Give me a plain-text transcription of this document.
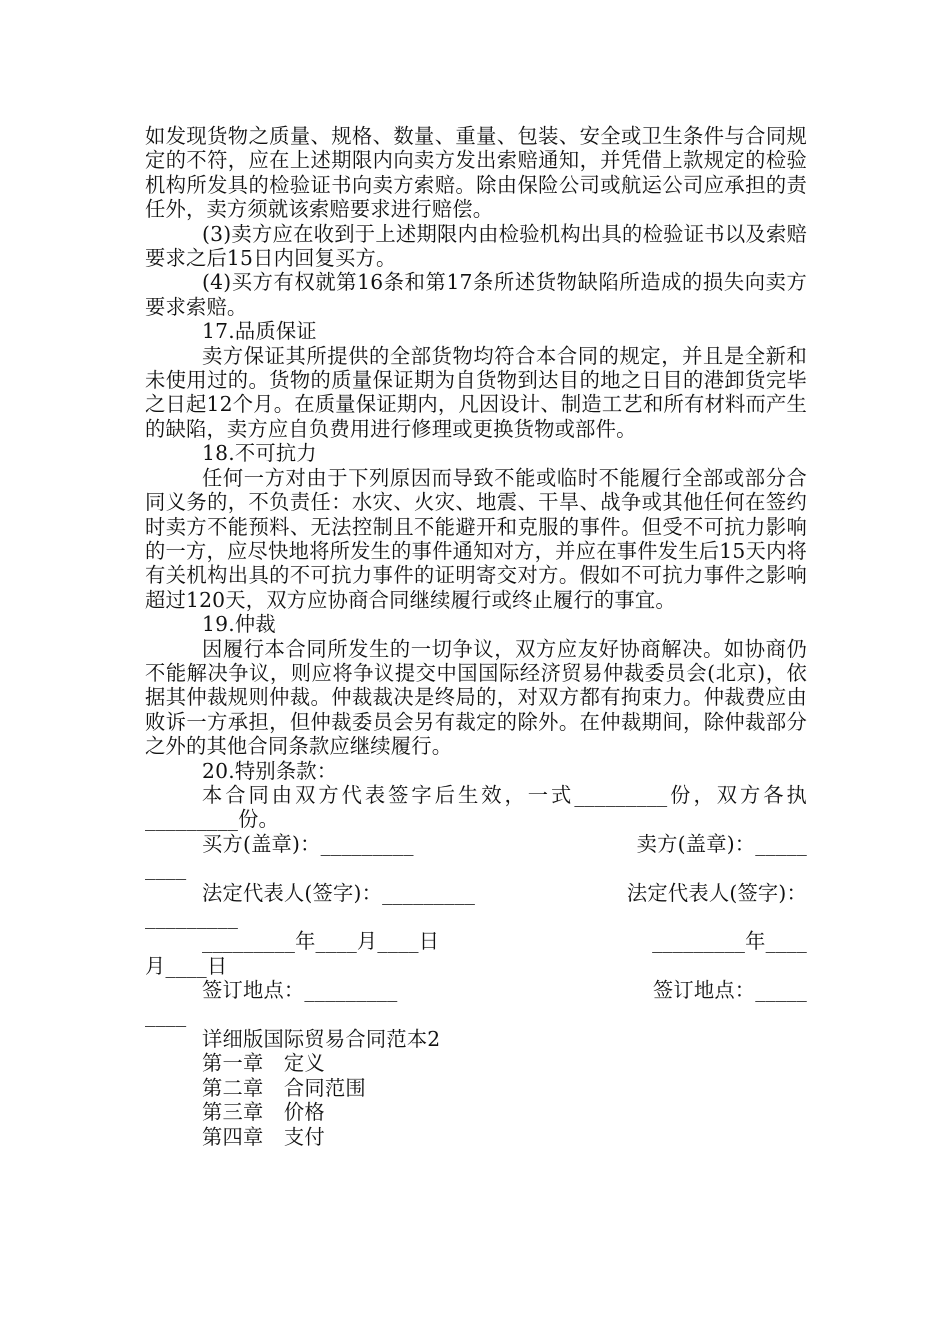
如发现货物之质量、规格、数量、重量、包装、安全或卫生条件与合同规定的不符，应在上述期限内向卖方发出索赔通知，并凭借上款规定的检验机构所发具的检验证书向卖方索赔。除由保险公司或航运公司应承担的责任外，卖方须就该索赔要求进行赔偿。

(3)卖方应在收到于上述期限内由检验机构出具的检验证书以及索赔要求之后15日内回复买方。

(4)买方有权就第16条和第17条所述货物缺陷所造成的损失向卖方要求索赔。

17.品质保证

卖方保证其所提供的全部货物均符合本合同的规定，并且是全新和未使用过的。货物的质量保证期为自货物到达目的地之日目的港卸货完毕之日起12个月。在质量保证期内，凡因设计、制造工艺和所有材料而产生的缺陷，卖方应自负费用进行修理或更换货物或部件。

18.不可抗力

任何一方对由于下列原因而导致不能或临时不能履行全部或部分合同义务的，不负责任：水灾、火灾、地震、干旱、战争或其他任何在签约时卖方不能预料、无法控制且不能避开和克服的事件。但受不可抗力影响的一方，应尽快地将所发生的事件通知对方，并应在事件发生后15天内将有关机构出具的不可抗力事件的证明寄交对方。假如不可抗力事件之影响超过120天，双方应协商合同继续履行或终止履行的事宜。

19.仲裁

因履行本合同所发生的一切争议，双方应友好协商解决。如协商仍不能解决争议，则应将争议提交中国国际经济贸易仲裁委员会(北京)，依据其仲裁规则仲裁。仲裁裁决是终局的，对双方都有拘束力。仲裁费应由败诉一方承担，但仲裁委员会另有裁定的除外。在仲裁期间，除仲裁部分之外的其他合同条款应继续履行。

20.特别条款：

本合同由双方代表签字后生效，一式_________份，双方各执_________份。

买方(盖章)：_________	卖方(盖章)：_____

____

法定代表人(签字)：_________	法定代表人(签字)：

_________

_________年____月____日	_________年____

月____日

签订地点：_________	签订地点：_____

____

详细版国际贸易合同范本2

第一章　定义

第二章　合同范围

第三章　价格

第四章　支付
